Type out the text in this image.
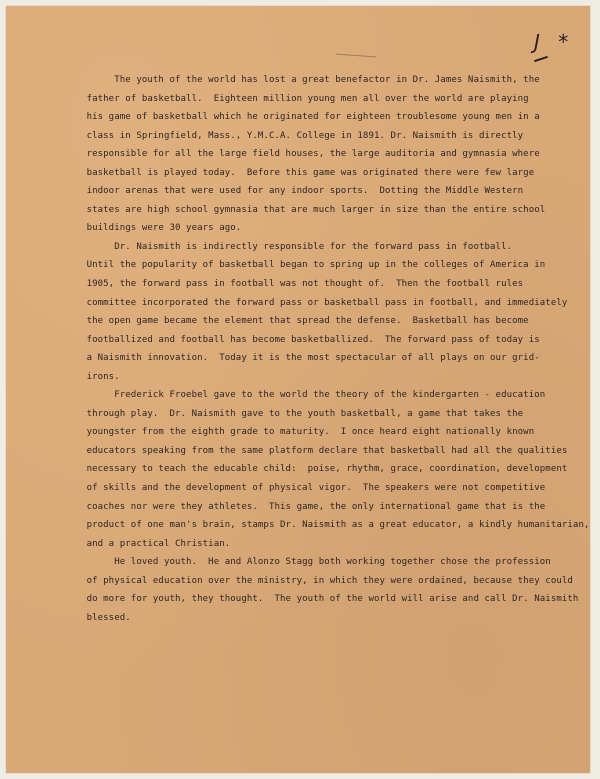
J *
The youth of the world has lost a great benefactor in Dr. James Naismith, the
father of basketball.  Eighteen million young men all over the world are playing
his game of basketball which he originated for eighteen troublesome young men in a
class in Springfield, Mass., Y.M.C.A. College in 1891. Dr. Naismith is directly
responsible for all the large field houses, the large auditoria and gymnasia where
basketball is played today.  Before this game was originated there were few large
indoor arenas that were used for any indoor sports.  Dotting the Middle Western
states are high school gymnasia that are much larger in size than the entire school
buildings were 30 years ago.
Dr. Naismith is indirectly responsible for the forward pass in football.
Until the popularity of basketball began to spring up in the colleges of America in
1905, the forward pass in football was not thought of.  Then the football rules
committee incorporated the forward pass or basketball pass in football, and immediately
the open game became the element that spread the defense.  Basketball has become
footballized and football has become basketballized.  The forward pass of today is
a Naismith innovation.  Today it is the most spectacular of all plays on our grid-
irons.
Frederick Froebel gave to the world the theory of the kindergarten - education
through play.  Dr. Naismith gave to the youth basketball, a game that takes the
youngster from the eighth grade to maturity.  I once heard eight nationally known
educators speaking from the same platform declare that basketball had all the qualities
necessary to teach the educable child:  poise, rhythm, grace, coordination, development
of skills and the development of physical vigor.  The speakers were not competitive
coaches nor were they athletes.  This game, the only international game that is the
product of one man's brain, stamps Dr. Naismith as a great educator, a kindly humanitarian,
and a practical Christian.
He loved youth.  He and Alonzo Stagg both working together chose the profession
of physical education over the ministry, in which they were ordained, because they could
do more for youth, they thought.  The youth of the world will arise and call Dr. Naismith
blessed.
